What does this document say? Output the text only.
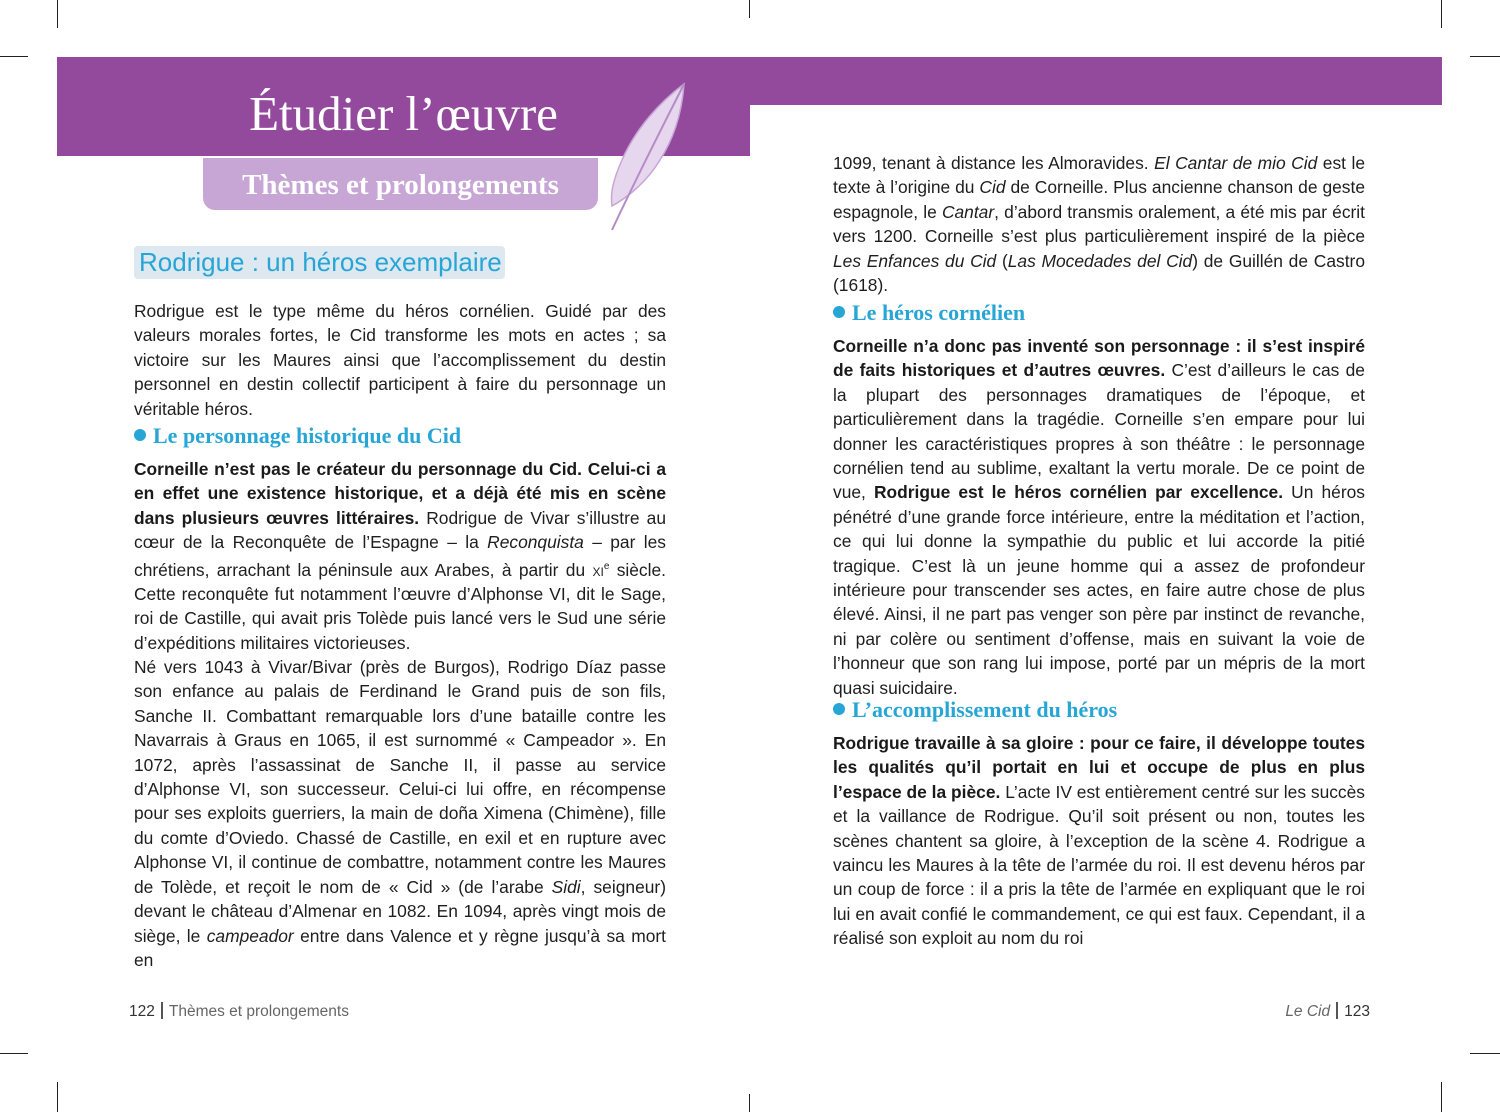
Étudier l’œuvre
Thèmes et prolongements
Rodrigue : un héros exemplaire

Rodrigue est le type même du héros cornélien. Guidé par des valeurs morales fortes, le Cid transforme les mots en actes ; sa victoire sur les Maures ainsi que l’accomplissement du destin personnel en destin collectif participent à faire du personnage un véritable héros.

Le personnage historique du Cid

Corneille n’est pas le créateur du personnage du Cid. Celui-ci a en effet une existence historique, et a déjà été mis en scène dans plusieurs œuvres littéraires. Rodrigue de Vivar s’illustre au cœur de la Reconquête de l’Espagne – la Reconquista – par les chrétiens, arrachant la péninsule aux Arabes, à partir du $xi^e$ siècle. Cette reconquête fut notamment l’œuvre d’Alphonse VI, dit le Sage, roi de Castille, qui avait pris Tolède puis lancé vers le Sud une série d’expéditions militaires victorieuses.

Né vers 1043 à Vivar/Bivar (près de Burgos), Rodrigo Díaz passe son enfance au palais de Ferdinand le Grand puis de son fils, Sanche II. Combattant remarquable lors d’une bataille contre les Navarrais à Graus en 1065, il est surnommé « Campeador ». En 1072, après l’assassinat de Sanche II, il passe au service d’Alphonse VI, son successeur. Celui-ci lui offre, en récompense pour ses exploits guerriers, la main de doña Ximena (Chimène), fille du comte d’Oviedo. Chassé de Castille, en exil et en rupture avec Alphonse VI, il continue de combattre, notamment contre les Maures de Tolède, et reçoit le nom de « Cid » (de l’arabe Sidi, seigneur) devant le château d’Almenar en 1082. En 1094, après vingt mois de siège, le campeador entre dans Valence et y règne jusqu’à sa mort en

1099, tenant à distance les Almoravides. El Cantar de mio Cid est le texte à l’origine du Cid de Corneille. Plus ancienne chanson de geste espagnole, le Cantar, d’abord transmis oralement, a été mis par écrit vers 1200. Corneille s’est plus particulièrement inspiré de la pièce Les Enfances du Cid (Las Mocedades del Cid) de Guillén de Castro (1618).

Le héros cornélien

Corneille n’a donc pas inventé son personnage : il s’est inspiré de faits historiques et d’autres œuvres. C’est d’ailleurs le cas de la plupart des personnages dramatiques de l’époque, et particulièrement dans la tragédie. Corneille s’en empare pour lui donner les caractéristiques propres à son théâtre : le personnage cornélien tend au sublime, exaltant la vertu morale. De ce point de vue, Rodrigue est le héros cornélien par excellence. Un héros pénétré d’une grande force intérieure, entre la méditation et l’action, ce qui lui donne la sympathie du public et lui accorde la pitié tragique. C’est là un jeune homme qui a assez de profondeur intérieure pour transcender ses actes, en faire autre chose de plus élevé. Ainsi, il ne part pas venger son père par instinct de revanche, ni par colère ou sentiment d’offense, mais en suivant la voie de l’honneur que son rang lui impose, porté par un mépris de la mort quasi suicidaire.

L’accomplissement du héros

Rodrigue travaille à sa gloire : pour ce faire, il développe toutes les qualités qu’il portait en lui et occupe de plus en plus l’espace de la pièce. L’acte IV est entièrement centré sur les succès et la vaillance de Rodrigue. Qu’il soit présent ou non, toutes les scènes chantent sa gloire, à l’exception de la scène 4. Rodrigue a vaincu les Maures à la tête de l’armée du roi. Il est devenu héros par un coup de force : il a pris la tête de l’armée en expliquant que le roi lui en avait confié le commandement, ce qui est faux. Cependant, il a réalisé son exploit au nom du roi

122 Thèmes et prolongements	Le Cid 123
